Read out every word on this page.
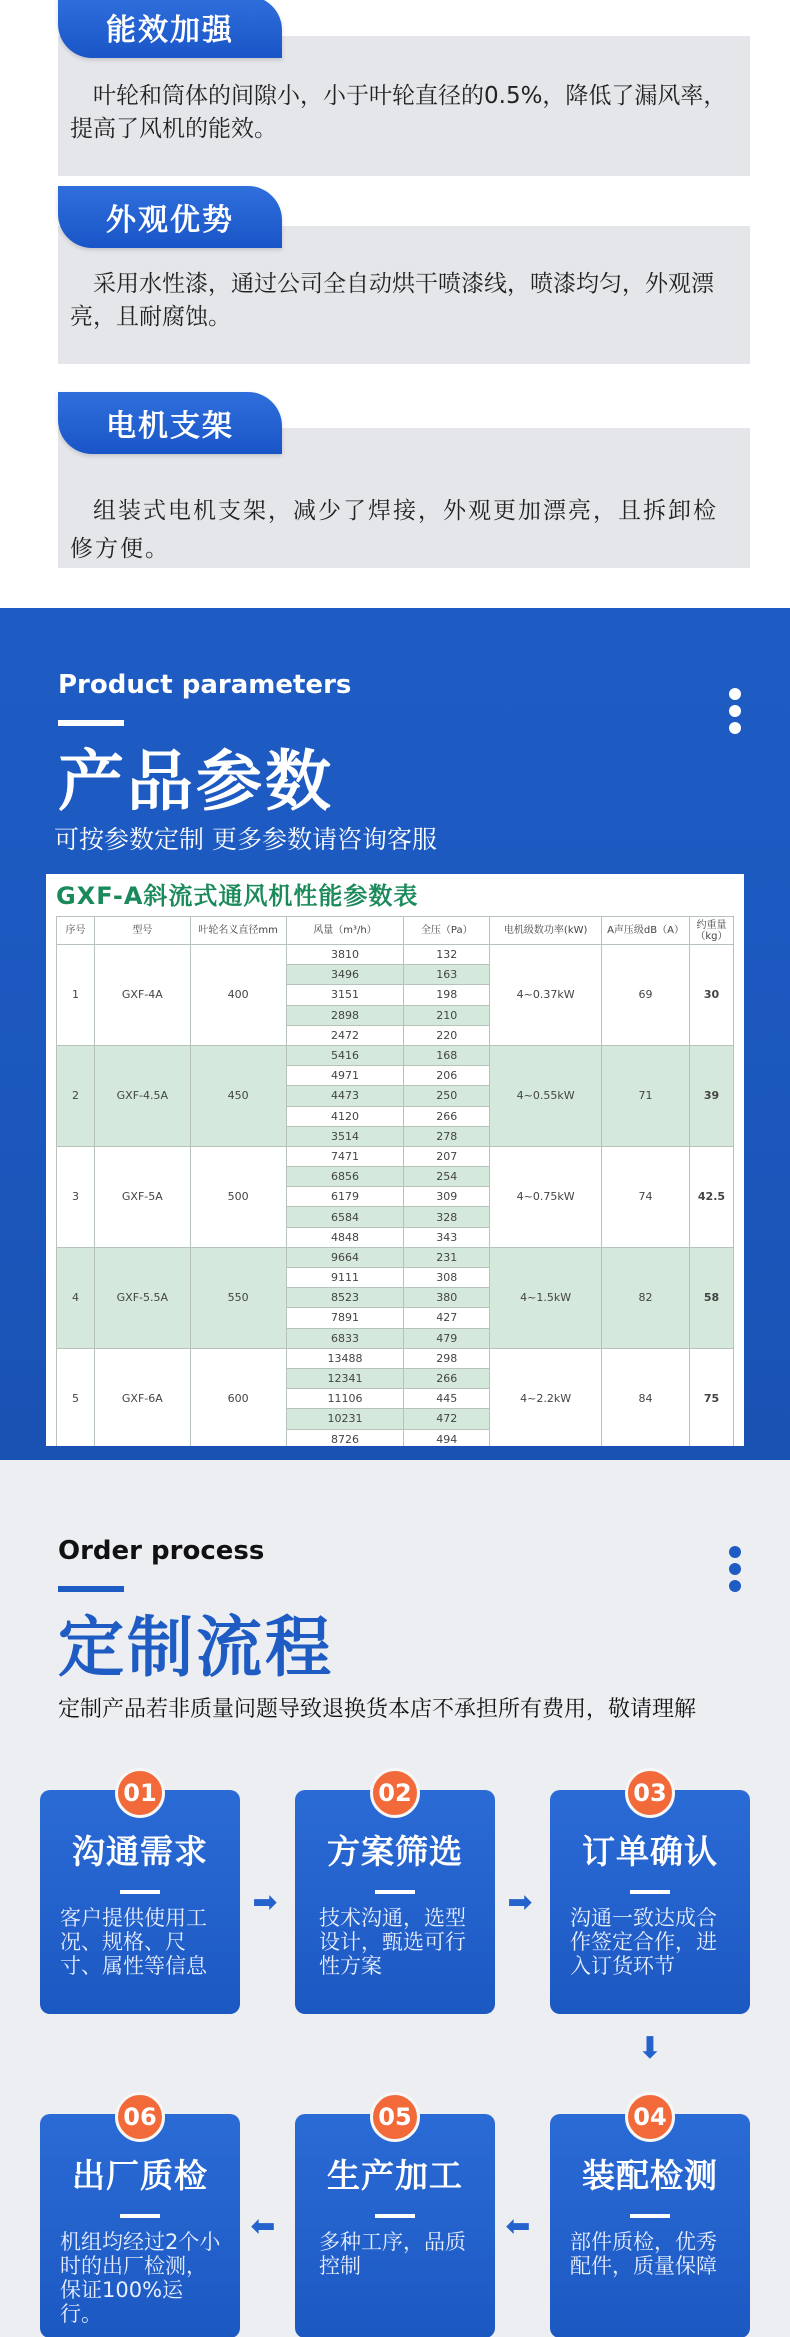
叶轮和筒体的间隙小，小于叶轮直径的0.5%，降低了漏风率，提高了风机的能效。
能效加强
采用水性漆，通过公司全自动烘干喷漆线，喷漆均匀，外观漂亮，且耐腐蚀。
外观优势
组装式电机支架，减少了焊接，外观更加漂亮，且拆卸检修方便。
电机支架
Product parameters
产品参数
可按参数定制 更多参数请咨询客服
GXF-A斜流式通风机性能参数表
序号	型号	叶轮名义直径mm	风量（m³/h）	全压（Pa）	电机级数功率(kW)	A声压级dB（A）	约重量（kg）
1	GXF-4A	400	3810	132	4~0.37kW	69	30
			3496	163			
			3151	198			
			2898	210			
			2472	220			
2	GXF-4.5A	450	5416	168	4~0.55kW	71	39
			4971	206			
			4473	250			
			4120	266			
			3514	278			
3	GXF-5A	500	7471	207	4~0.75kW	74	42.5
			6856	254			
			6179	309			
			6584	328			
			4848	343			
4	GXF-5.5A	550	9664	231	4~1.5kW	82	58
			9111	308			
			8523	380			
			7891	427			
			6833	479			
5	GXF-6A	600	13488	298	4~2.2kW	84	75
			12341	266			
			11106	445			
			10231	472			
			8726	494			
Order process
定制流程
定制产品若非质量问题导致退换货本店不承担所有费用，敬请理解
01
沟通需求
客户提供使用工况、规格、尺寸、属性等信息
➡
02
方案筛选
技术沟通，选型设计，甄选可行性方案
➡
03
订单确认
沟通一致达成合作签定合作，进入订货环节
⬇
06
出厂质检
机组均经过2个小时的出厂检测，保证100%运行。
⬅
05
生产加工
多种工序，品质控制
⬅
04
装配检测
部件质检，优秀配件，质量保障
